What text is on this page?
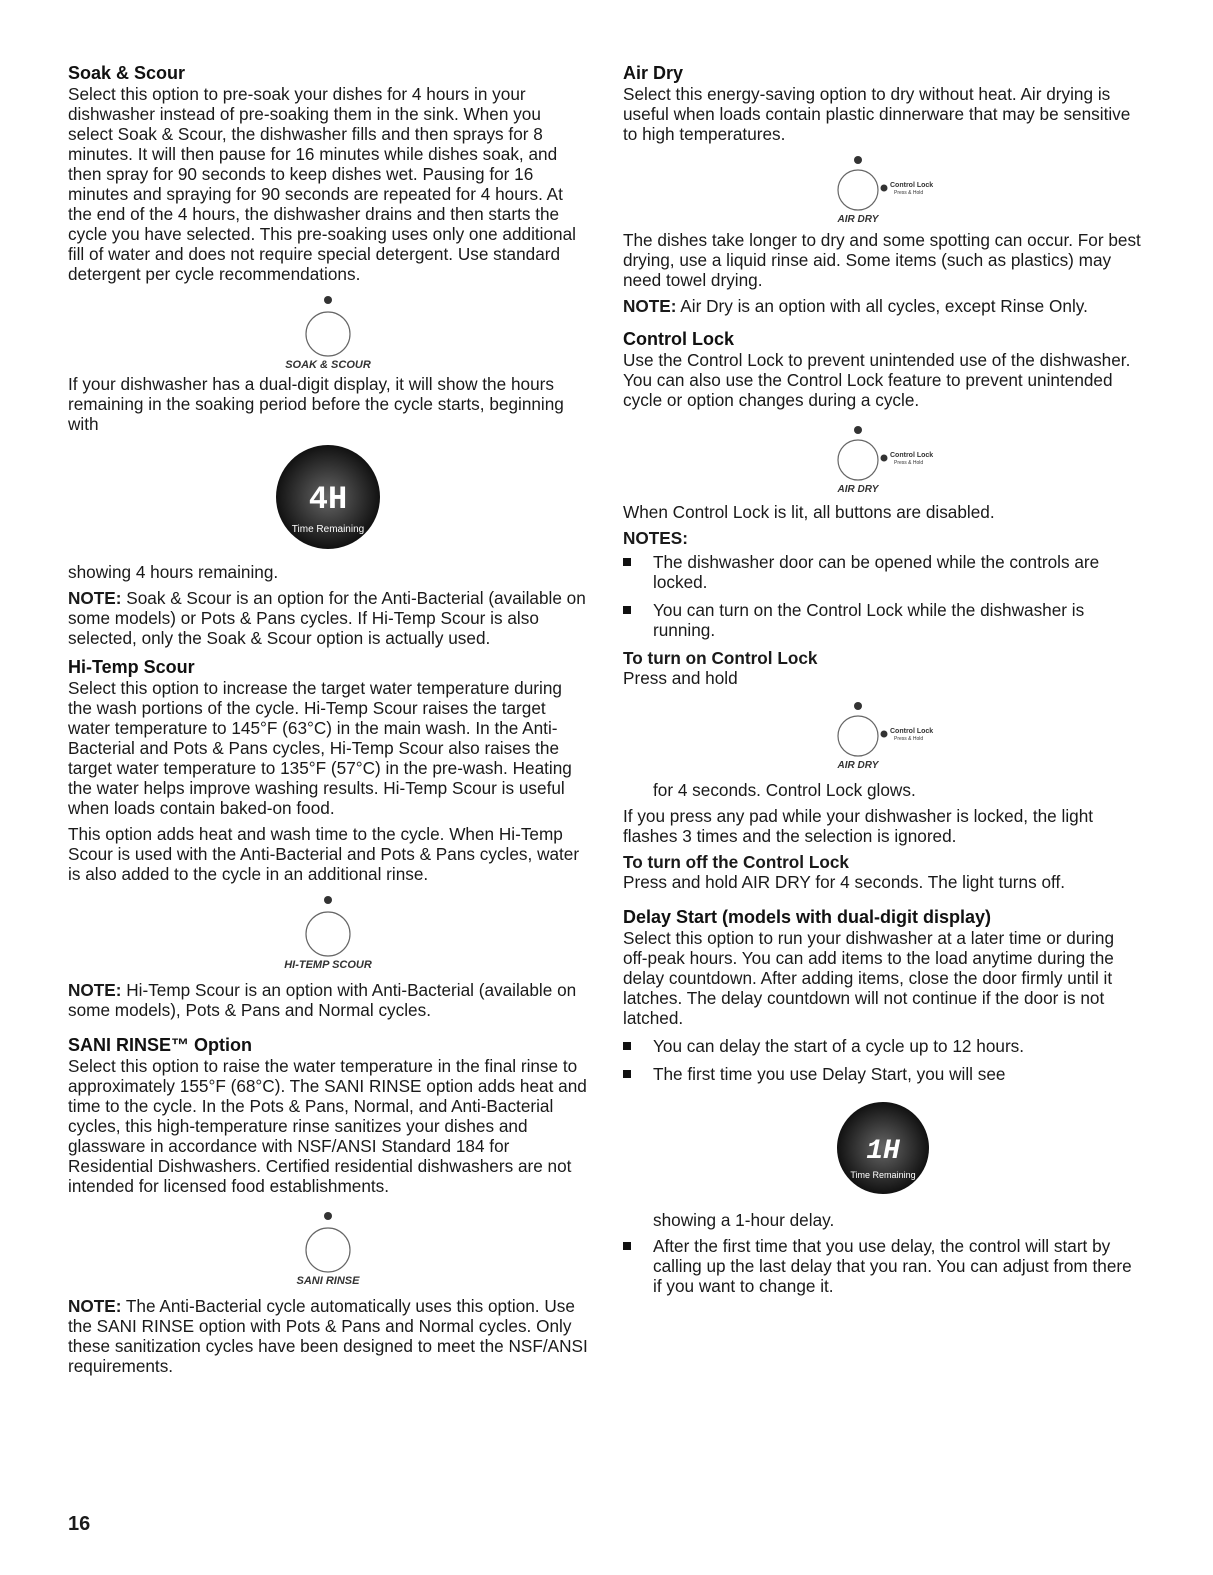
Soak & Scour

Select this option to pre-soak your dishes for 4 hours in your dishwasher instead of pre-soaking them in the sink. When you select Soak & Scour, the dishwasher fills and then sprays for 8 minutes. It will then pause for 16 minutes while dishes soak, and then spray for 90 seconds to keep dishes wet. Pausing for 16 minutes and spraying for 90 seconds are repeated for 4 hours. At the end of the 4 hours, the dishwasher drains and then starts the cycle you have selected. This pre-soaking uses only one additional fill of water and does not require special detergent. Use standard detergent per cycle recommendations.

SOAK & SCOUR

If your dishwasher has a dual-digit display, it will show the hours remaining in the soaking period before the cycle starts, beginning with

4H
Time Remaining

showing 4 hours remaining.

NOTE: Soak & Scour is an option for the Anti-Bacterial (available on some models) or Pots & Pans cycles. If Hi-Temp Scour is also selected, only the Soak & Scour option is actually used.

Hi-Temp Scour

Select this option to increase the target water temperature during the wash portions of the cycle. Hi-Temp Scour raises the target water temperature to 145°F (63°C) in the main wash. In the Anti-Bacterial and Pots & Pans cycles, Hi-Temp Scour also raises the target water temperature to 135°F (57°C) in the pre-wash. Heating the water helps improve washing results. Hi-Temp Scour is useful when loads contain baked-on food.

This option adds heat and wash time to the cycle. When Hi-Temp Scour is used with the Anti-Bacterial and Pots & Pans cycles, water is also added to the cycle in an additional rinse.

HI-TEMP SCOUR

NOTE: Hi-Temp Scour is an option with Anti-Bacterial (available on some models), Pots & Pans and Normal cycles.

SANI RINSE™ Option

Select this option to raise the water temperature in the final rinse to approximately 155°F (68°C). The SANI RINSE option adds heat and time to the cycle. In the Pots & Pans, Normal, and Anti-Bacterial cycles, this high-temperature rinse sanitizes your dishes and glassware in accordance with NSF/ANSI Standard 184 for Residential Dishwashers. Certified residential dishwashers are not intended for licensed food establishments.

SANI RINSE

NOTE: The Anti-Bacterial cycle automatically uses this option. Use the SANI RINSE option with Pots & Pans and Normal cycles. Only these sanitization cycles have been designed to meet the NSF/ANSI requirements.

Air Dry

Select this energy-saving option to dry without heat. Air drying is useful when loads contain plastic dinnerware that may be sensitive to high temperatures.

Control Lock
Press & Hold
AIR DRY

The dishes take longer to dry and some spotting can occur. For best drying, use a liquid rinse aid. Some items (such as plastics) may need towel drying.

NOTE: Air Dry is an option with all cycles, except Rinse Only.

Control Lock

Use the Control Lock to prevent unintended use of the dishwasher. You can also use the Control Lock feature to prevent unintended cycle or option changes during a cycle.

Control Lock
Press & Hold
AIR DRY

When Control Lock is lit, all buttons are disabled.

NOTES:
The dishwasher door can be opened while the controls are locked.
You can turn on the Control Lock while the dishwasher is running.
To turn on Control Lock
Press and hold
Control Lock
Press & Hold
AIR DRY

for 4 seconds. Control Lock glows.

If you press any pad while your dishwasher is locked, the light flashes 3 times and the selection is ignored.

To turn off the Control Lock

Press and hold AIR DRY for 4 seconds. The light turns off.

Delay Start (models with dual-digit display)

Select this option to run your dishwasher at a later time or during off-peak hours. You can add items to the load anytime during the delay countdown. After adding items, close the door firmly until it latches. The delay countdown will not continue if the door is not latched.

You can delay the start of a cycle up to 12 hours.
The first time you use Delay Start, you will see
1H
Time Remaining

showing a 1-hour delay.

After the first time that you use delay, the control will start by calling up the last delay that you ran. You can adjust from there if you want to change it.
16
